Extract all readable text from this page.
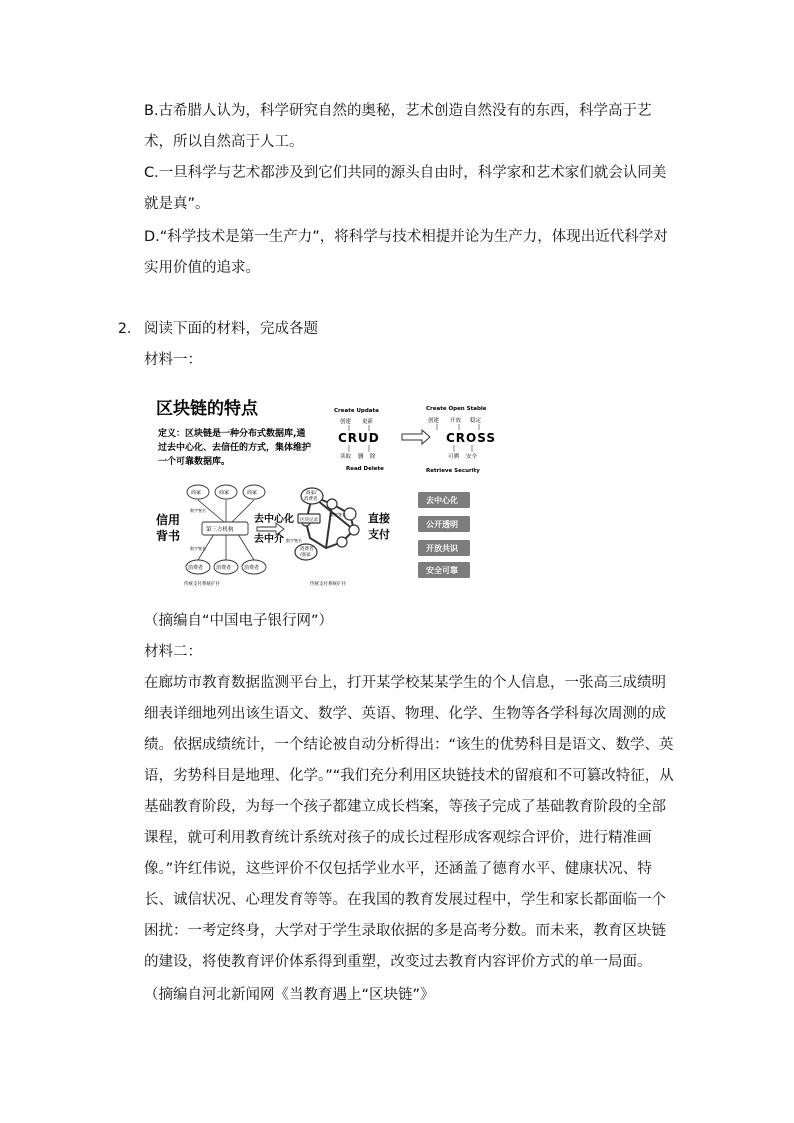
B.古希腊人认为，科学研究自然的奥秘，艺术创造自然没有的东西，科学高于艺术，所以自然高于人工。
C.一旦科学与艺术都涉及到它们共同的源头自由时，科学家和艺术家们就会认同美就是真”。
D.“科学技术是第一生产力”，将科学与技术相提并论为生产力，体现出近代科学对实用价值的追求。
2. 阅读下面的材料，完成各题
材料一：
区块链的特点
定义：区块链是一种分布式数据库,通
过去中心化、去信任的方式，集体维护
一个可靠数据库。
Create Updata
创建 更新
CRUD
读取 删 除
Read Delete
Create Open Stable
创建 开放 稳定
CROSS
可溯 安全
Retrieve Security
信用
背书
商家	商家	商家
第三方机构
消费者	消费者	消费者
数字签名
数字签名
传统支付系统扩扑
去中心化
去中介
商家/
消费者
消费者
/商家
区块记录
数字签名
数字签名
传统支付系统扩扑
直接
支付
去中心化
公开透明
开放共识
安全可靠
（摘编自“中国电子银行网”）
材料二：
在廊坊市教育数据监测平台上，打开某学校某某学生的个人信息，一张高三成绩明细表详细地列出该生语文、数学、英语、物理、化学、生物等各学科每次周测的成绩。依据成绩统计，一个结论被自动分析得出：“该生的优势科目是语文、数学、英语，劣势科目是地理、化学。”“我们充分利用区块链技术的留痕和不可篡改特征，从基础教育阶段，为每一个孩子都建立成长档案，等孩子完成了基础教育阶段的全部课程，就可利用教育统计系统对孩子的成长过程形成客观综合评价，进行精准画像。”许红伟说，这些评价不仅包括学业水平，还涵盖了德育水平、健康状况、特长、诚信状况、心理发育等等。在我国的教育发展过程中，学生和家长都面临一个困扰：一考定终身，大学对于学生录取依据的多是高考分数。而未来，教育区块链的建设，将使教育评价体系得到重塑，改变过去教育内容评价方式的单一局面。
（摘编自河北新闻网《当教育遇上“区块链”》
